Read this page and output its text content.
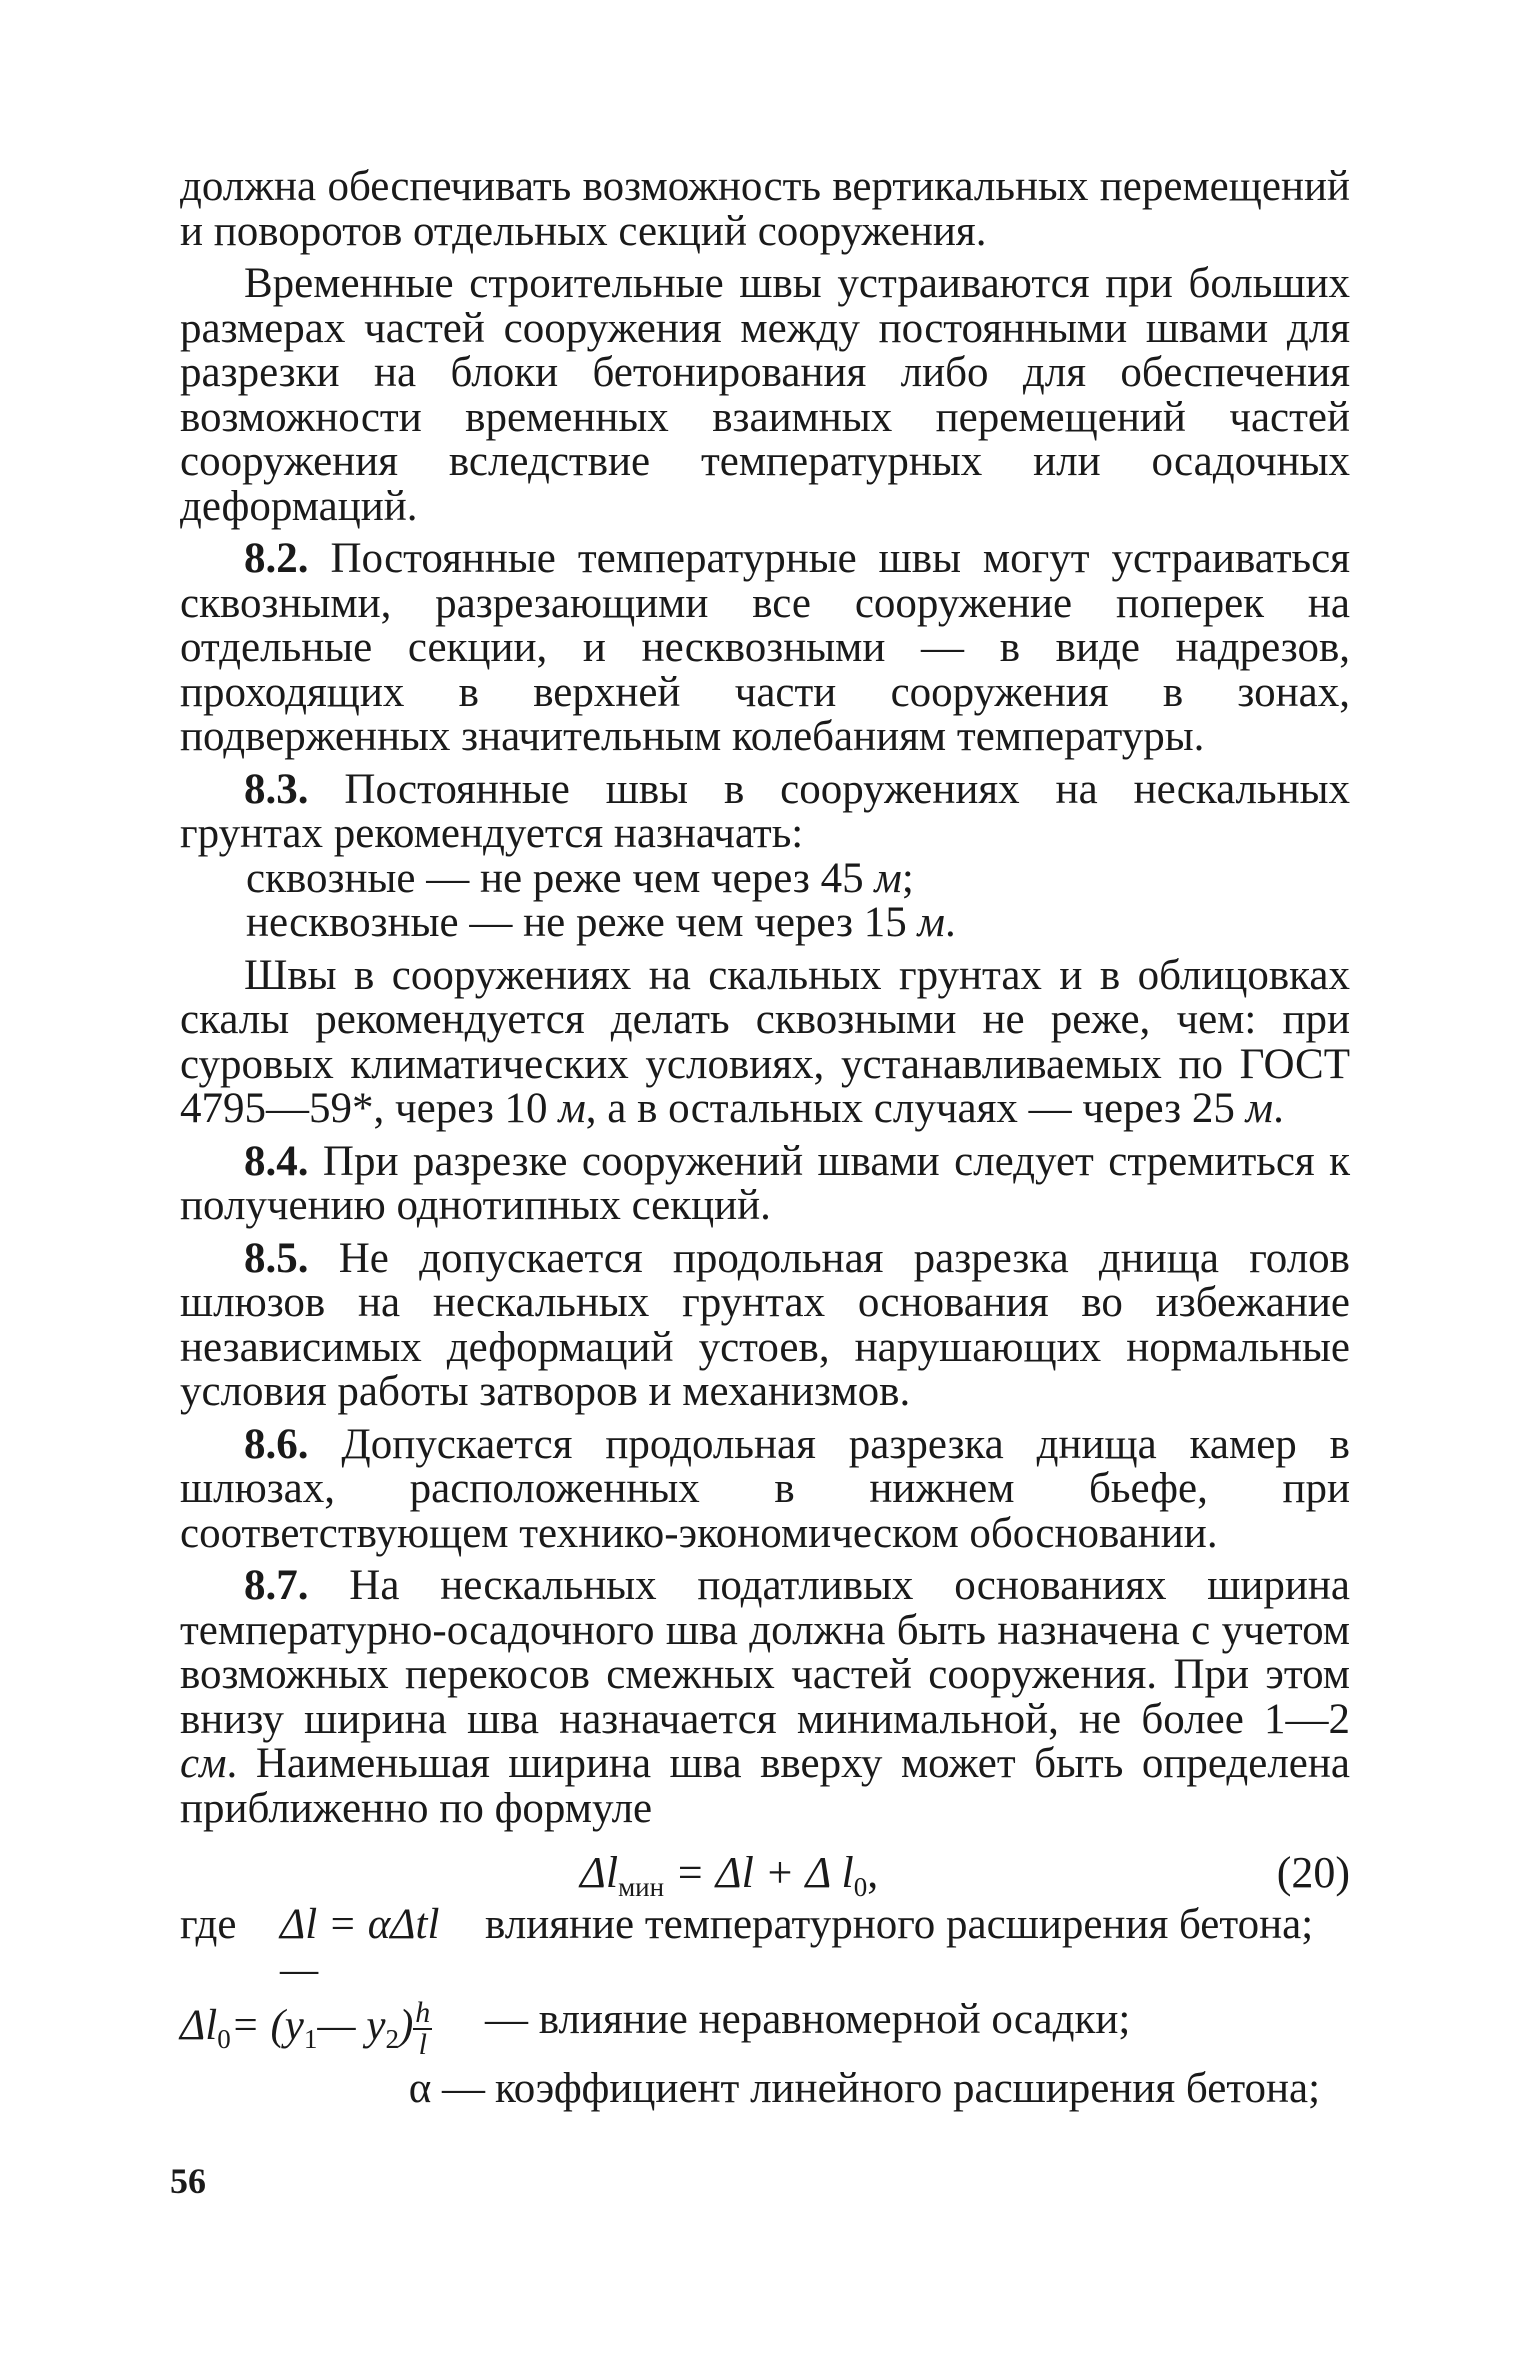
должна обеспечивать возможность вертикальных перемещений и поворотов отдельных секций сооружения.

Временные строительные швы устраиваются при больших размерах частей сооружения между постоянными швами для разрезки на блоки бетонирования либо для обеспечения возможности временных взаимных перемещений частей сооружения вследствие температурных или осадочных деформаций.

8.2. Постоянные температурные швы могут устраиваться сквозными, разрезающими все сооружение поперек на отдельные секции, и несквозными — в виде надрезов, проходящих в верхней части сооружения в зонах, подверженных значительным колебаниям температуры.

8.3. Постоянные швы в сооружениях на нескальных грунтах рекомендуется назначать:

сквозные — не реже чем через 45 м;

несквозные — не реже чем через 15 м.

Швы в сооружениях на скальных грунтах и в облицовках скалы рекомендуется делать сквозными не реже, чем: при суровых климатических условиях, устанавливаемых по ГОСТ 4795—59*, через 10 м, а в остальных случаях — через 25 м.

8.4. При разрезке сооружений швами следует стремиться к получению однотипных секций.

8.5. Не допускается продольная разрезка днища голов шлюзов на нескальных грунтах основания во избежание независимых деформаций устоев, нарушающих нормальные условия работы затворов и механизмов.

8.6. Допускается продольная разрезка днища камер в шлюзах, расположенных в нижнем бьефе, при соответствующем технико-экономическом обосновании.

8.7. На нескальных податливых основаниях ширина температурно-осадочного шва должна быть назначена с учетом возможных перекосов смежных частей сооружения. При этом внизу ширина шва назначается минимальной, не более 1—2 см. Наименьшая ширина шва вверху может быть определена приближенно по формуле

$\Delta l_{мин} = \Delta l + \Delta$ $l_0$,	(20)
где Δl = αΔtl —влияние температурного расширения бетона;
$\Delta l_0=$ ($y_1—$ $y_2) \frac{h}{l}$ — влияние неравномерной осадки;
α — коэффициент линейного расширения бетона;
56
